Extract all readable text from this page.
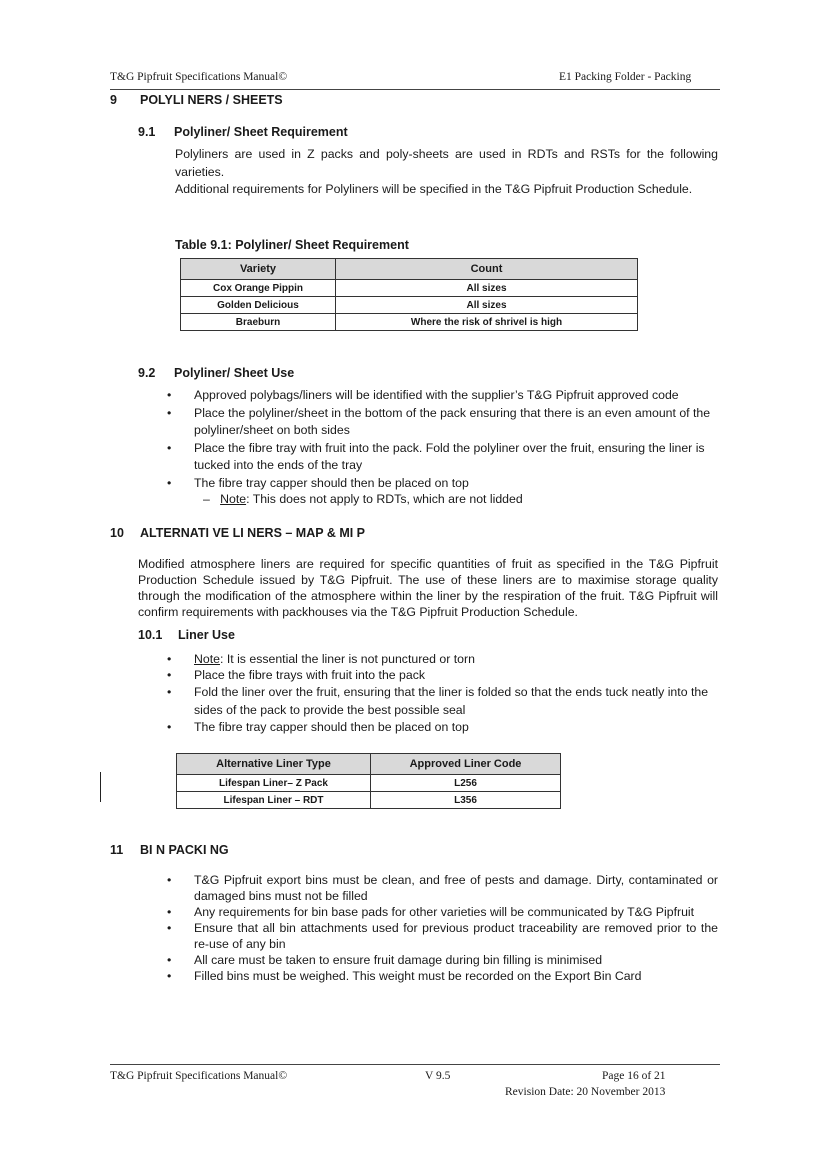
T&G Pipfruit Specifications Manual©	E1 Packing Folder - Packing
9 POLYLI NERS / SHEETS
9.1 Polyliner/ Sheet Requirement
Polyliners are used in Z packs and poly-sheets are used in RDTs and RSTs for the following varieties.
Additional requirements for Polyliners will be specified in the T&G Pipfruit Production Schedule.
Table 9.1: Polyliner/ Sheet Requirement
Variety	Count
Cox Orange Pippin	All sizes
Golden Delicious	All sizes
Braeburn	Where the risk of shrivel is high
9.2 Polyliner/ Sheet Use
• Approved polybags/liners will be identified with the supplier’s T&G Pipfruit approved code
• Place the polyliner/sheet in the bottom of the pack ensuring that there is an even amount of the polyliner/sheet on both sides
• Place the fibre tray with fruit into the pack. Fold the polyliner over the fruit, ensuring the liner is tucked into the ends of the tray
• The fibre tray capper should then be placed on top
– Note: This does not apply to RDTs, which are not lidded
10 ALTERNATI VE LI NERS – MAP & MI P
Modified atmosphere liners are required for specific quantities of fruit as specified in the T&G Pipfruit Production Schedule issued by T&G Pipfruit. The use of these liners are to maximise storage quality through the modification of the atmosphere within the liner by the respiration of the fruit. T&G Pipfruit will confirm requirements with packhouses via the T&G Pipfruit Production Schedule.
10.1 Liner Use
• Note: It is essential the liner is not punctured or torn
• Place the fibre trays with fruit into the pack
• Fold the liner over the fruit, ensuring that the liner is folded so that the ends tuck neatly into the sides of the pack to provide the best possible seal
• The fibre tray capper should then be placed on top
Alternative Liner Type	Approved Liner Code
Lifespan Liner– Z Pack	L256
Lifespan Liner – RDT	L356
11 BI N PACKI NG
• T&G Pipfruit export bins must be clean, and free of pests and damage. Dirty, contaminated or damaged bins must not be filled
• Any requirements for bin base pads for other varieties will be communicated by T&G Pipfruit
• Ensure that all bin attachments used for previous product traceability are removed prior to the re-use of any bin
• All care must be taken to ensure fruit damage during bin filling is minimised
• Filled bins must be weighed. This weight must be recorded on the Export Bin Card
T&G Pipfruit Specifications Manual©	V 9.5	Page 16 of 21
Revision Date: 20 November 2013
